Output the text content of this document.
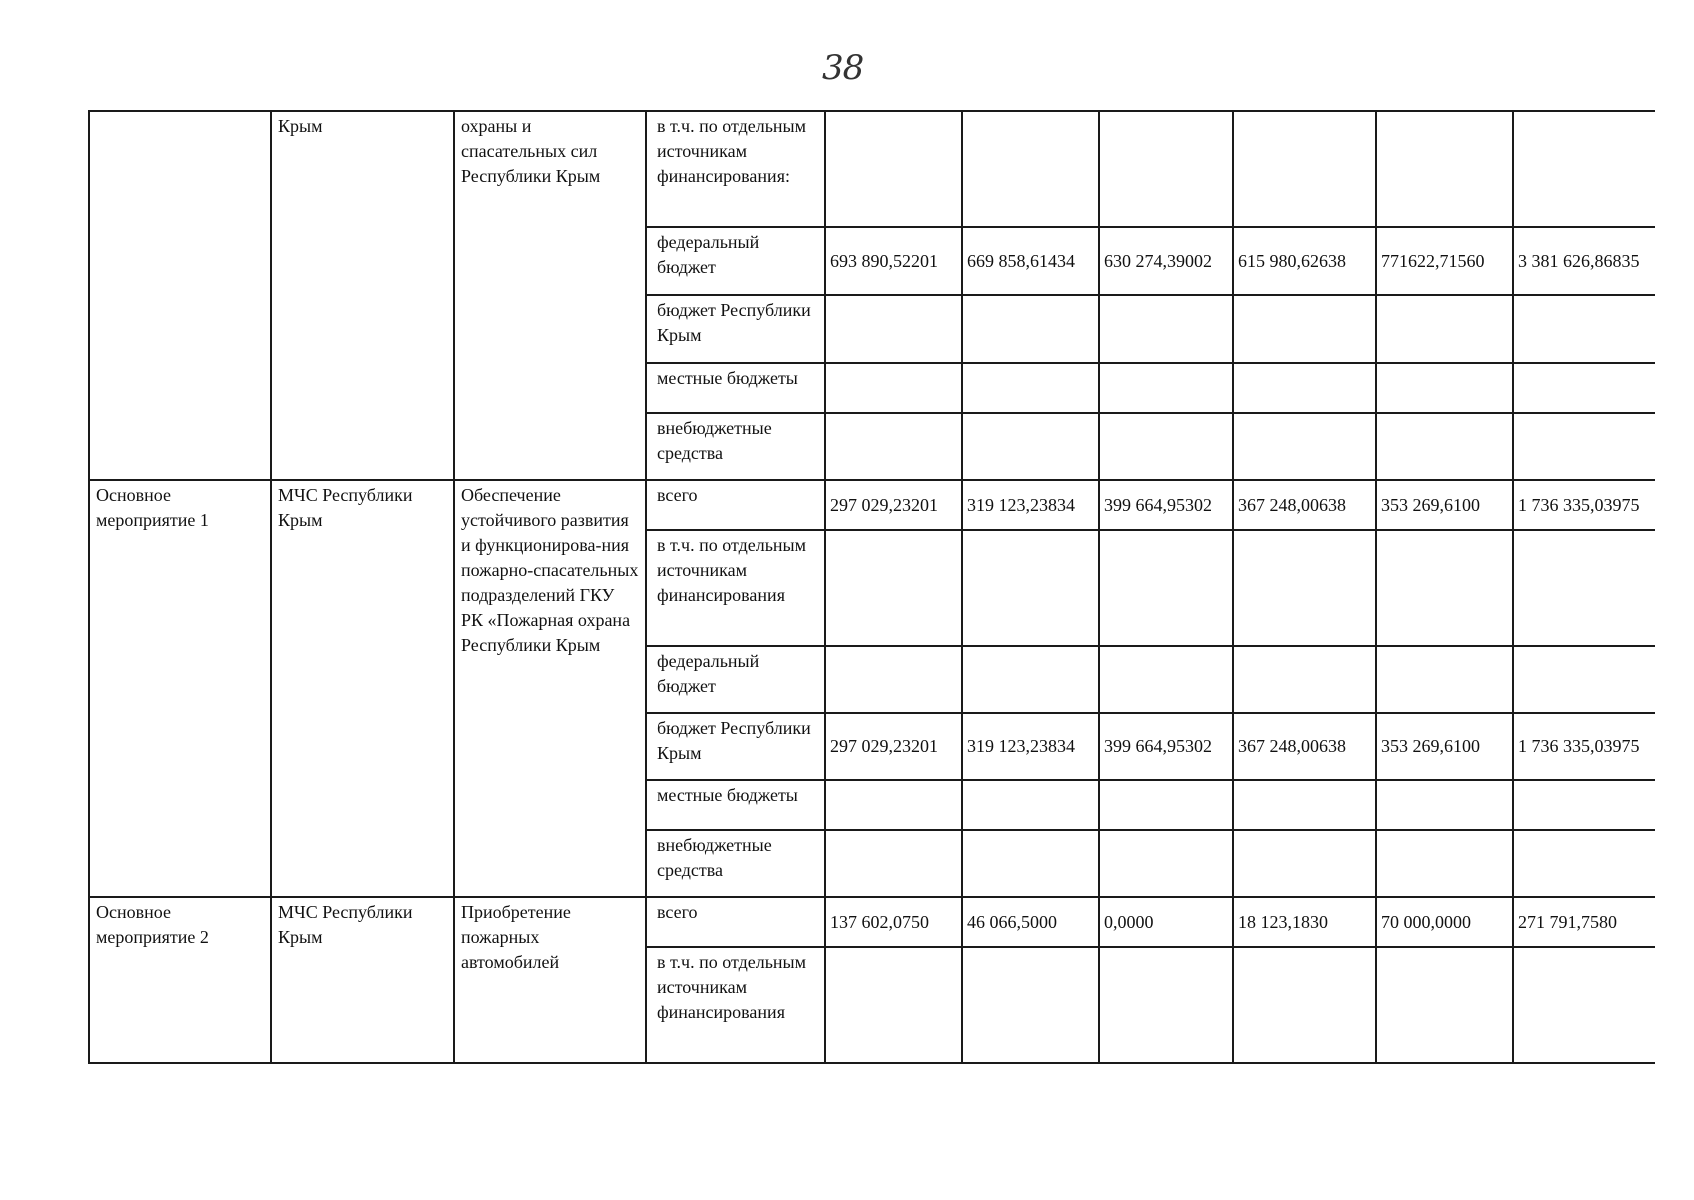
38
	Крым	охраны и спасательных сил Республики Крым	в т.ч. по отдельным источникам финансирования:						
			федеральный бюджет	693 890,52201	669 858,61434	630 274,39002	615 980,62638	771622,71560	3 381 626,86835
			бюджет Республики Крым						
			местные бюджеты						
			внебюджетные средства						
Основное мероприятие 1	МЧС Республики Крым	Обеспечение устойчивого развития и функционирова-ния пожарно-спасательных подразделений ГКУ РК «Пожарная охрана Республики Крым	всего	297 029,23201	319 123,23834	399 664,95302	367 248,00638	353 269,6100	1 736 335,03975
			в т.ч. по отдельным источникам финансирования						
			федеральный бюджет						
			бюджет Республики Крым	297 029,23201	319 123,23834	399 664,95302	367 248,00638	353 269,6100	1 736 335,03975
			местные бюджеты						
			внебюджетные средства						
Основное мероприятие 2	МЧС Республики Крым	Приобретение пожарных автомобилей	всего	137 602,0750	46 066,5000	0,0000	18 123,1830	70 000,0000	271 791,7580
			в т.ч. по отдельным источникам финансирования						
